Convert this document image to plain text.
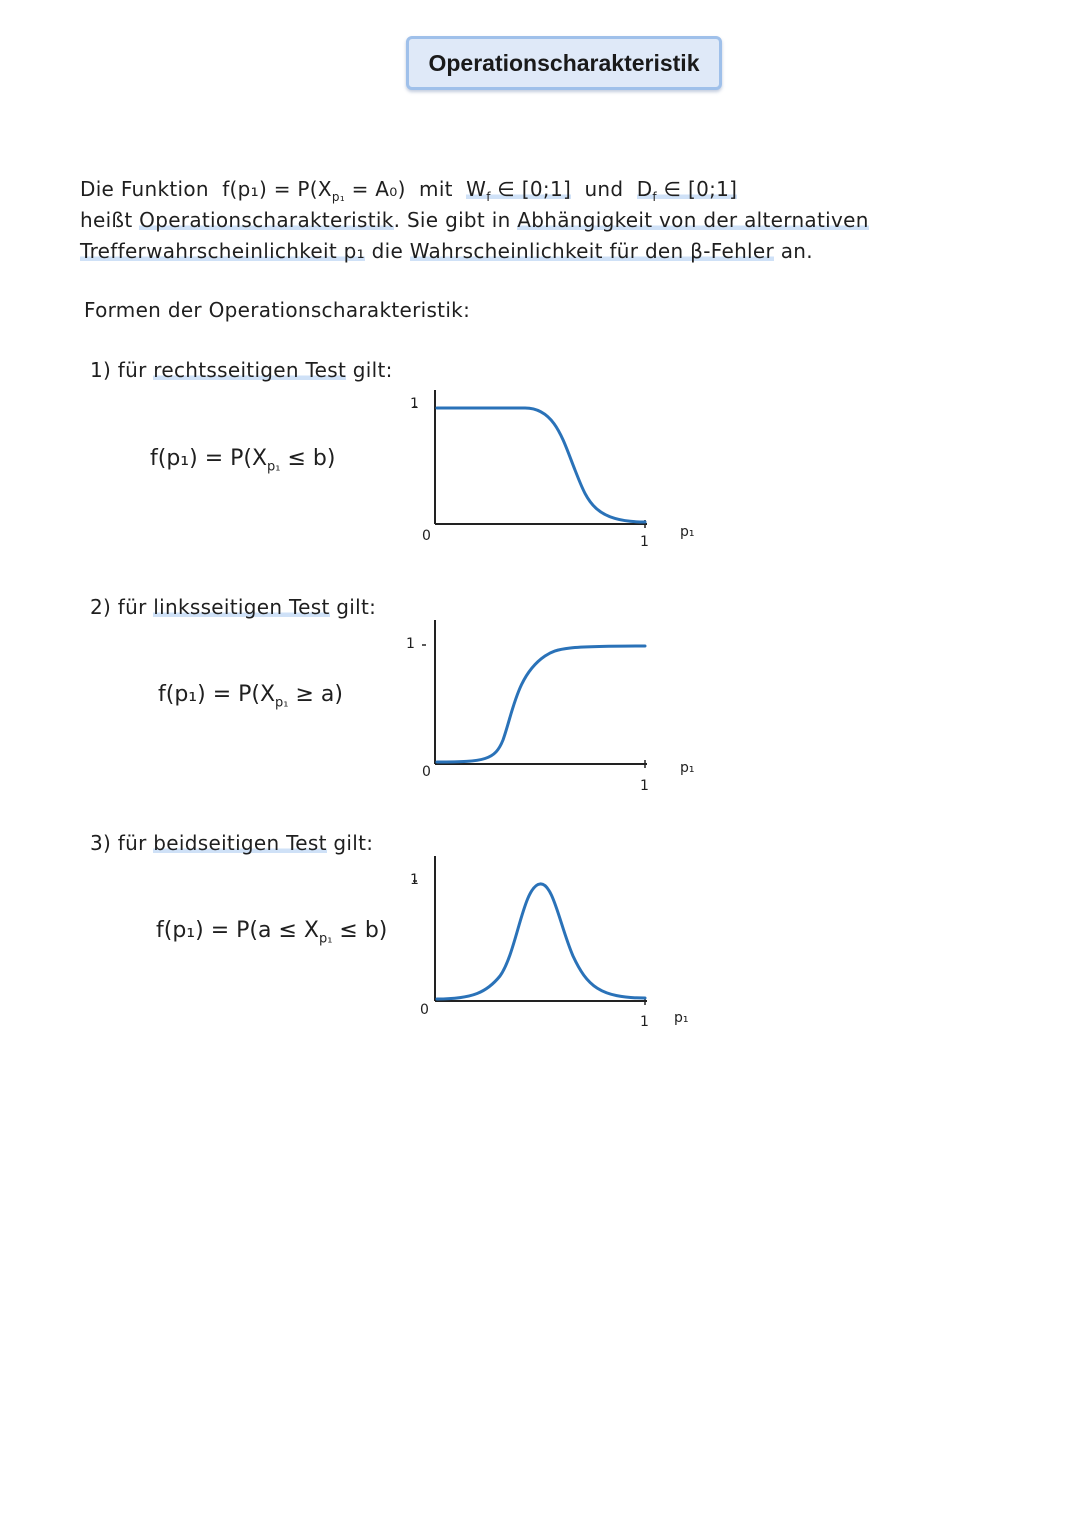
Operationscharakteristik
Die Funktion $f(p_1) = P(X_{p_1} = A_0)$ mit $W_f$ ∈ [0;1] und $D_f$ ∈ [0;1]
heißt Operationscharakteristik. Sie gibt in Abhängigkeit von der alternativen
Trefferwahrscheinlichkeit p₁ die Wahrscheinlichkeit für den β-Fehler an.
Formen der Operationscharakteristik:
1) für rechtsseitigen Test gilt:
$f(p_1) = P(X_{p_1} \le b)$
2) für linksseitigen Test gilt:
$f(p_1) = P(X_{p_1} \ge a)$
3) für beidseitigen Test gilt:
$f(p_1) = P(a \le X_{p_1} \le b)$
1
0	1
p₁
1
0
1
p₁
1
0
1 p₁
